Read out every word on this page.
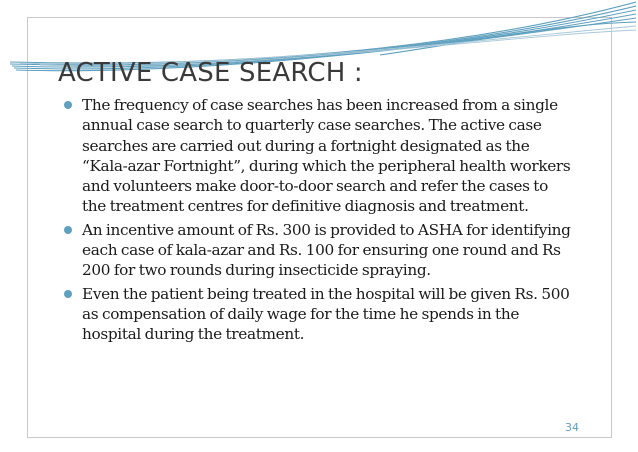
ACTIVE CASE SEARCH :
The frequency of case searches has been increased from a single annual case search to quarterly case searches. The active case searches are carried out during a fortnight designated as the “Kala-azar Fortnight”, during which the peripheral health workers and volunteers make door-to-door search and refer the cases to the treatment centres for definitive diagnosis and treatment.
An incentive amount of Rs. 300 is provided to ASHA for identifying each case of kala-azar and Rs. 100 for ensuring one round and Rs 200 for two rounds during insecticide spraying.
Even the patient being treated in the hospital will be given Rs. 500 as compensation of daily wage for the time he spends in the hospital during the treatment.
34
